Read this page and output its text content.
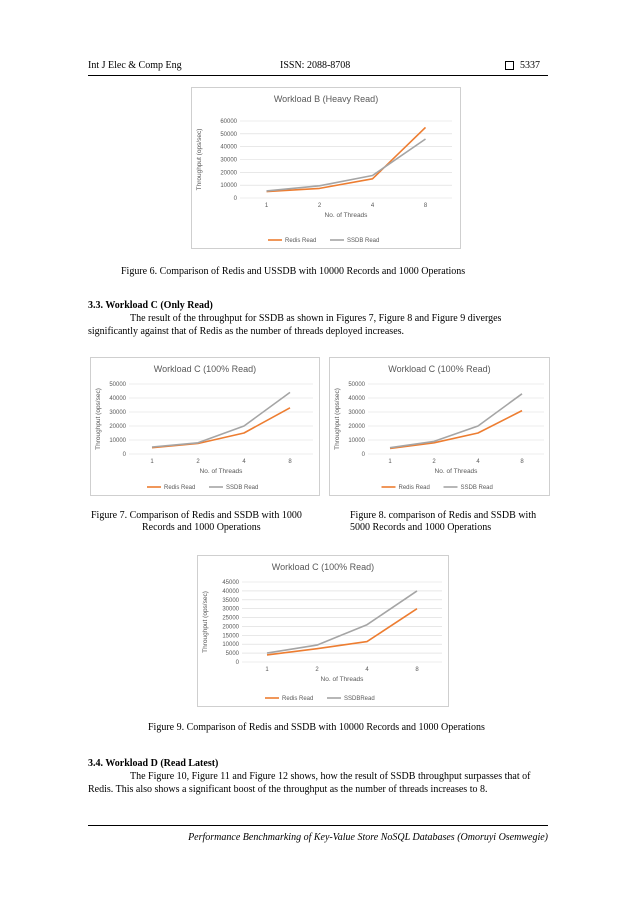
Int J Elec & Comp Eng	ISSN: 2088-8708	5337
Workload B (Heavy Read)
0
10000
20000
30000
40000
50000
60000
1	2	4	8
No. of Threads
Throughput (ops/sec)
Redis Read	SSDB Read
Figure 6. Comparison of Redis and USSDB with 10000 Records and 1000 Operations
3.3. Workload C (Only Read)
The result of the throughput for SSDB as shown in Figures 7, Figure 8 and Figure 9 diverges
significantly against that of Redis as the number of threads deployed increases.
Workload C (100% Read)
0
10000
20000
30000
40000
50000
1	2	4	8
No. of Threads
Throughput (ops/sec)
Redis Read	SSDB Read
Workload C (100% Read)
0
10000
20000
30000
40000
50000
1	2	4	8
No. of Threads
Throughput (ops/sec)
Redis Read	SSDB Read
Figure 7. Comparison of Redis and SSDB with 1000
Records and 1000 Operations
Figure 8. comparison of Redis and SSDB with
5000 Records and 1000 Operations
Workload C (100% Read)
0
5000
10000
15000
20000
25000
30000
35000
40000
45000
1	2	4	8
No. of Threads
Throughput (ops/sec)
Redis Read	SSDBRead
Figure 9. Comparison of Redis and SSDB with 10000 Records and 1000 Operations
3.4. Workload D (Read Latest)
The Figure 10, Figure 11 and Figure 12 shows, how the result of SSDB throughput surpasses that of
Redis. This also shows a significant boost of the throughput as the number of threads increases to 8.
Performance Benchmarking of Key-Value Store NoSQL Databases (Omoruyi Osemwegie)
